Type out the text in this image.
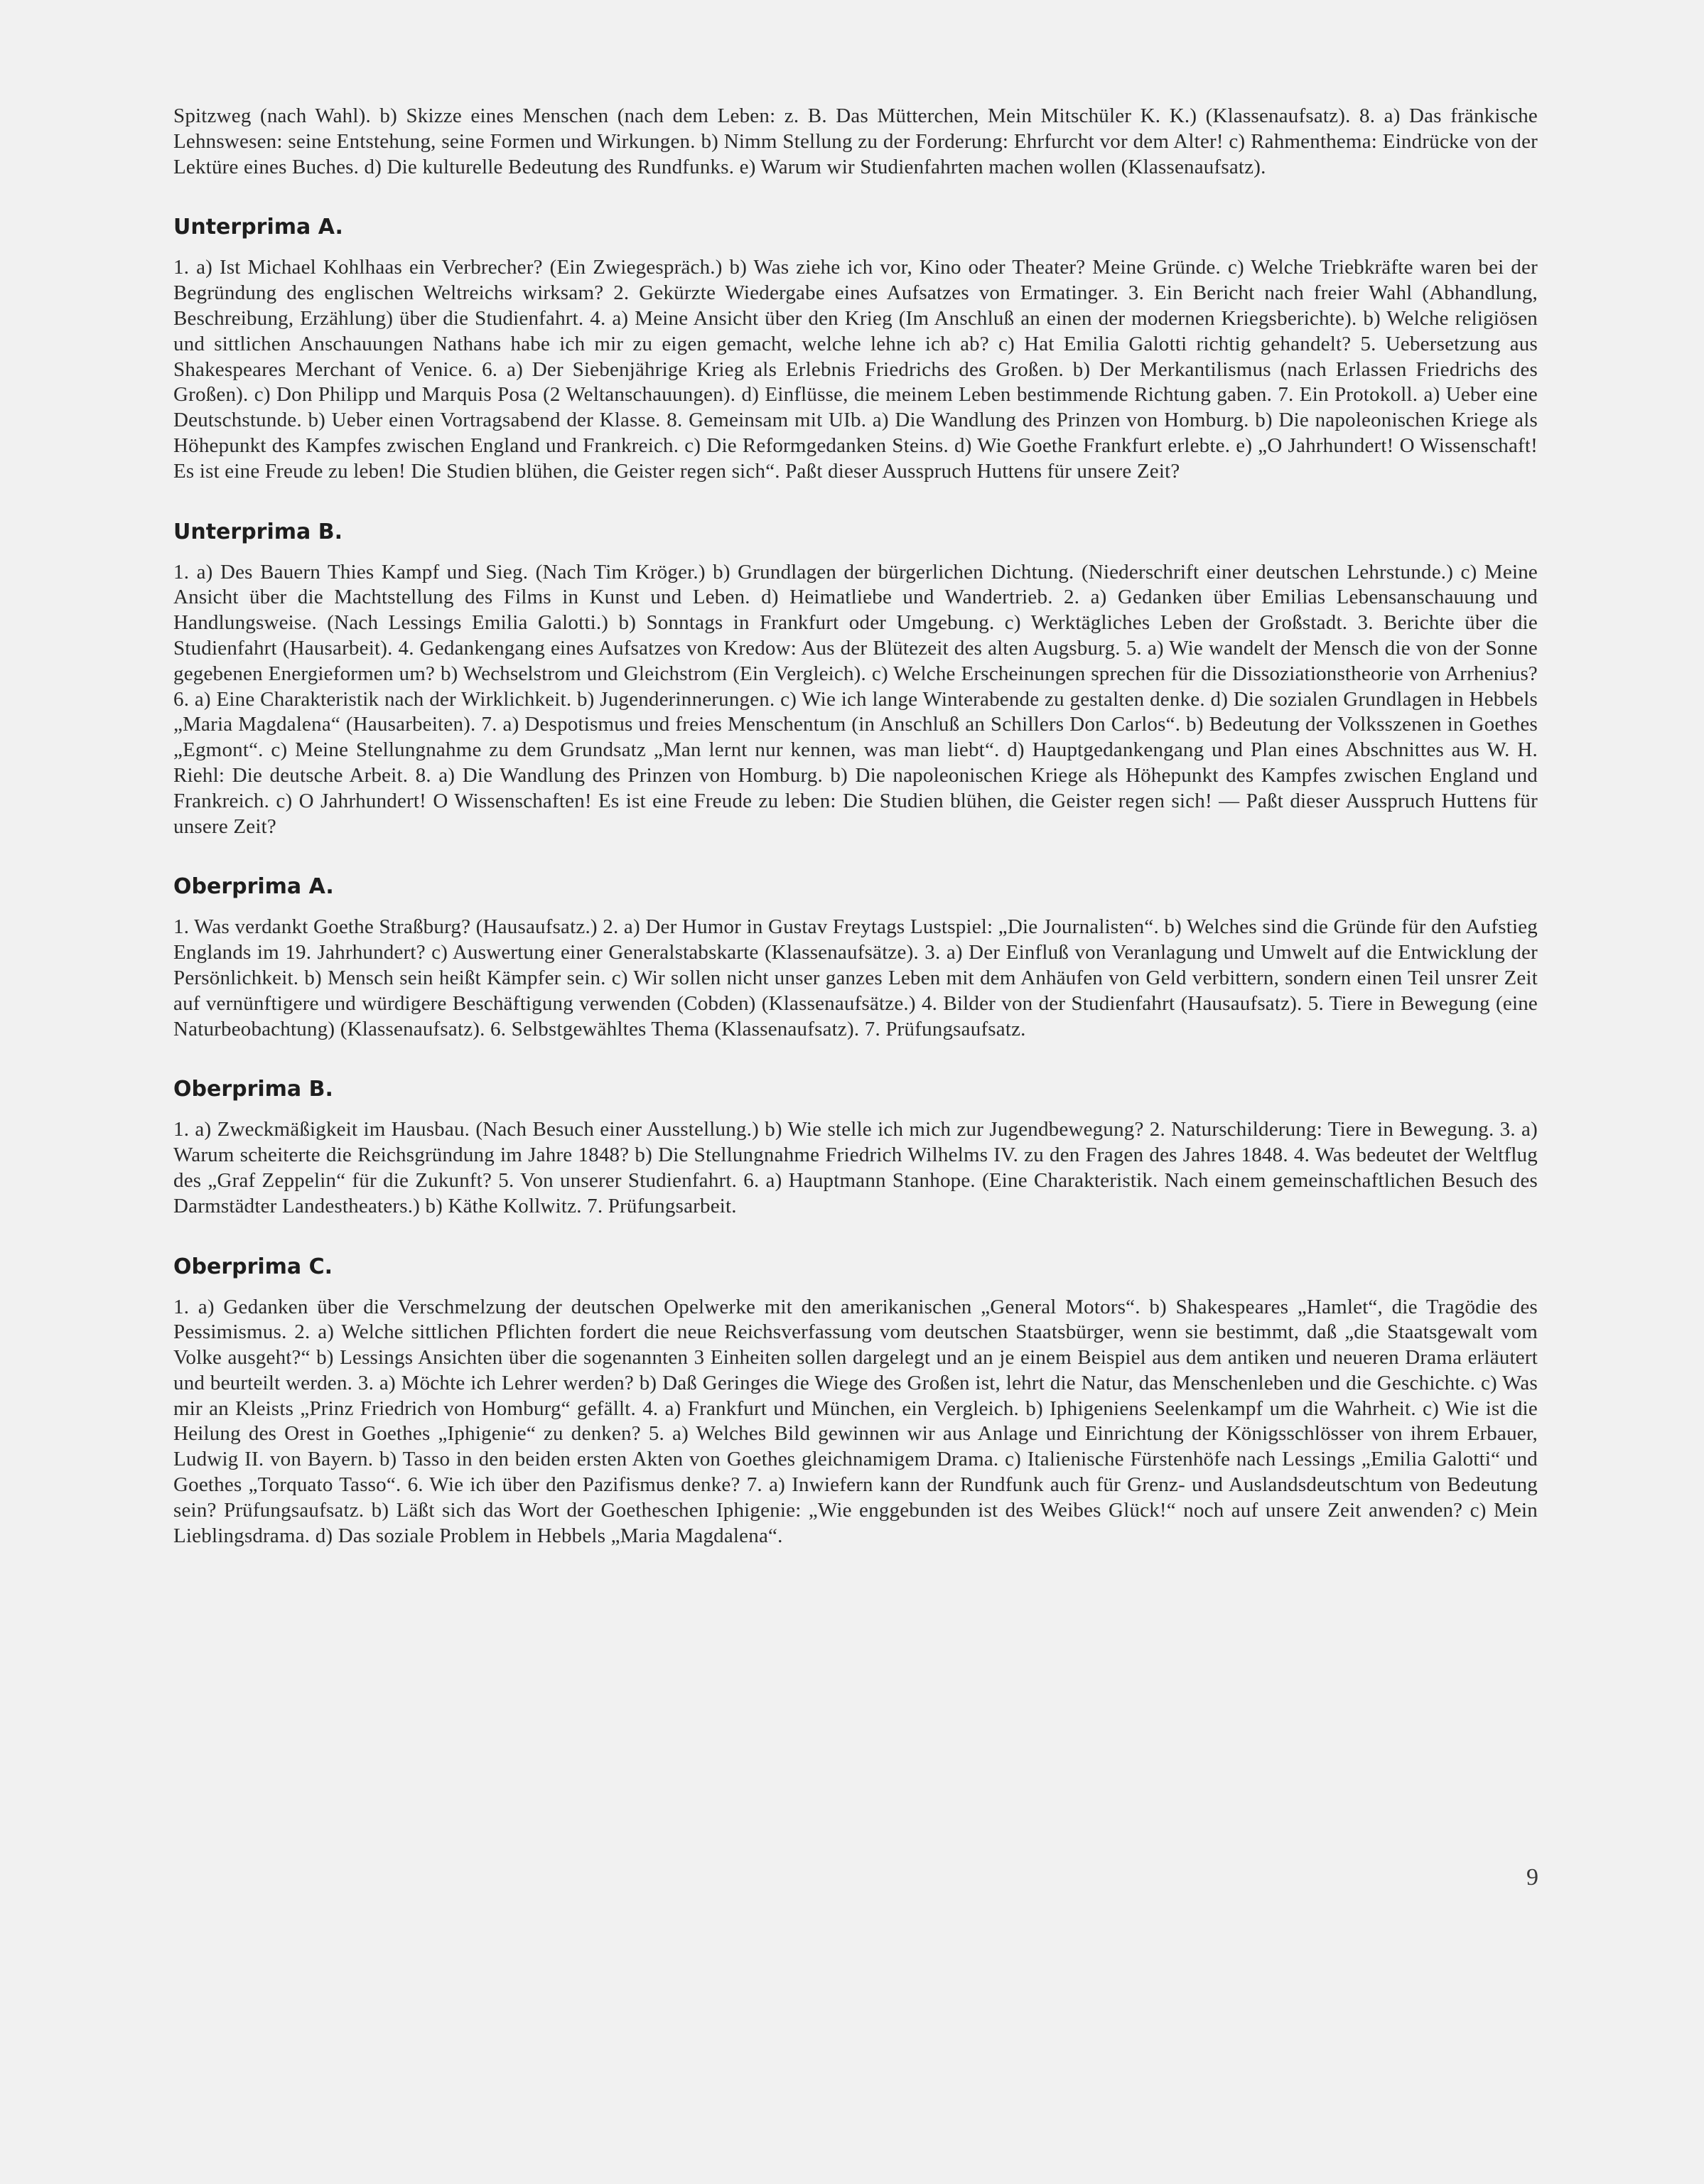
Spitzweg (nach Wahl). b) Skizze eines Menschen (nach dem Leben: z. B. Das Mütterchen, Mein Mitschüler K. K.) (Klassenaufsatz). 8. a) Das fränkische Lehnswesen: seine Entstehung, seine Formen und Wirkungen. b) Nimm Stellung zu der Forderung: Ehrfurcht vor dem Alter! c) Rahmenthema: Eindrücke von der Lektüre eines Buches. d) Die kulturelle Bedeutung des Rundfunks. e) Warum wir Studienfahrten machen wollen (Klassenaufsatz).

Unterprima A.

1. a) Ist Michael Kohlhaas ein Verbrecher? (Ein Zwiegespräch.) b) Was ziehe ich vor, Kino oder Theater? Meine Gründe. c) Welche Triebkräfte waren bei der Begründung des englischen Weltreichs wirksam? 2. Gekürzte Wiedergabe eines Aufsatzes von Ermatinger. 3. Ein Bericht nach freier Wahl (Abhandlung, Beschreibung, Erzählung) über die Studienfahrt. 4. a) Meine Ansicht über den Krieg (Im Anschluß an einen der modernen Kriegsberichte). b) Welche religiösen und sittlichen Anschauungen Nathans habe ich mir zu eigen gemacht, welche lehne ich ab? c) Hat Emilia Galotti richtig gehandelt? 5. Uebersetzung aus Shakespeares Merchant of Venice. 6. a) Der Siebenjährige Krieg als Erlebnis Friedrichs des Großen. b) Der Merkantilismus (nach Erlassen Friedrichs des Großen). c) Don Philipp und Marquis Posa (2 Weltanschauungen). d) Einflüsse, die meinem Leben bestimmende Richtung gaben. 7. Ein Protokoll. a) Ueber eine Deutschstunde. b) Ueber einen Vortragsabend der Klasse. 8. Gemeinsam mit UIb. a) Die Wandlung des Prinzen von Homburg. b) Die napoleonischen Kriege als Höhepunkt des Kampfes zwischen England und Frankreich. c) Die Reformgedanken Steins. d) Wie Goethe Frankfurt erlebte. e) „O Jahrhundert! O Wissenschaft! Es ist eine Freude zu leben! Die Studien blühen, die Geister regen sich“. Paßt dieser Ausspruch Huttens für unsere Zeit?

Unterprima B.

1. a) Des Bauern Thies Kampf und Sieg. (Nach Tim Kröger.) b) Grundlagen der bürgerlichen Dichtung. (Niederschrift einer deutschen Lehrstunde.) c) Meine Ansicht über die Machtstellung des Films in Kunst und Leben. d) Heimatliebe und Wandertrieb. 2. a) Gedanken über Emilias Lebensanschauung und Handlungsweise. (Nach Lessings Emilia Galotti.) b) Sonntags in Frankfurt oder Umgebung. c) Werktägliches Leben der Großstadt. 3. Berichte über die Studienfahrt (Hausarbeit). 4. Gedankengang eines Aufsatzes von Kredow: Aus der Blütezeit des alten Augsburg. 5. a) Wie wandelt der Mensch die von der Sonne gegebenen Energieformen um? b) Wechselstrom und Gleichstrom (Ein Vergleich). c) Welche Erscheinungen sprechen für die Dissoziationstheorie von Arrhenius? 6. a) Eine Charakteristik nach der Wirklichkeit. b) Jugenderinnerungen. c) Wie ich lange Winterabende zu gestalten denke. d) Die sozialen Grundlagen in Hebbels „Maria Magdalena“ (Hausarbeiten). 7. a) Despotismus und freies Menschentum (in Anschluß an Schillers Don Carlos“. b) Bedeutung der Volksszenen in Goethes „Egmont“. c) Meine Stellungnahme zu dem Grundsatz „Man lernt nur kennen, was man liebt“. d) Hauptgedankengang und Plan eines Abschnittes aus W. H. Riehl: Die deutsche Arbeit. 8. a) Die Wandlung des Prinzen von Homburg. b) Die napoleonischen Kriege als Höhepunkt des Kampfes zwischen England und Frankreich. c) O Jahrhundert! O Wissenschaften! Es ist eine Freude zu leben: Die Studien blühen, die Geister regen sich! — Paßt dieser Ausspruch Huttens für unsere Zeit?

Oberprima A.

1. Was verdankt Goethe Straßburg? (Hausaufsatz.) 2. a) Der Humor in Gustav Freytags Lustspiel: „Die Journalisten“. b) Welches sind die Gründe für den Aufstieg Englands im 19. Jahrhundert? c) Auswertung einer Generalstabskarte (Klassenaufsätze). 3. a) Der Einfluß von Veranlagung und Umwelt auf die Entwicklung der Persönlichkeit. b) Mensch sein heißt Kämpfer sein. c) Wir sollen nicht unser ganzes Leben mit dem Anhäufen von Geld verbittern, sondern einen Teil unsrer Zeit auf vernünftigere und würdigere Beschäftigung verwenden (Cobden) (Klassenaufsätze.) 4. Bilder von der Studienfahrt (Hausaufsatz). 5. Tiere in Bewegung (eine Naturbeobachtung) (Klassenaufsatz). 6. Selbstgewähltes Thema (Klassenaufsatz). 7. Prüfungsaufsatz.

Oberprima B.

1. a) Zweckmäßigkeit im Hausbau. (Nach Besuch einer Ausstellung.) b) Wie stelle ich mich zur Jugendbewegung? 2. Naturschilderung: Tiere in Bewegung. 3. a) Warum scheiterte die Reichsgründung im Jahre 1848? b) Die Stellungnahme Friedrich Wilhelms IV. zu den Fragen des Jahres 1848. 4. Was bedeutet der Weltflug des „Graf Zeppelin“ für die Zukunft? 5. Von unserer Studienfahrt. 6. a) Hauptmann Stanhope. (Eine Charakteristik. Nach einem gemeinschaftlichen Besuch des Darmstädter Landestheaters.) b) Käthe Kollwitz. 7. Prüfungsarbeit.

Oberprima C.

1. a) Gedanken über die Verschmelzung der deutschen Opelwerke mit den amerikanischen „General Motors“. b) Shakespeares „Hamlet“, die Tragödie des Pessimismus. 2. a) Welche sittlichen Pflichten fordert die neue Reichsverfassung vom deutschen Staatsbürger, wenn sie bestimmt, daß „die Staatsgewalt vom Volke ausgeht?“ b) Lessings Ansichten über die sogenannten 3 Einheiten sollen dargelegt und an je einem Beispiel aus dem antiken und neueren Drama erläutert und beurteilt werden. 3. a) Möchte ich Lehrer werden? b) Daß Geringes die Wiege des Großen ist, lehrt die Natur, das Menschenleben und die Geschichte. c) Was mir an Kleists „Prinz Friedrich von Homburg“ gefällt. 4. a) Frankfurt und München, ein Vergleich. b) Iphigeniens Seelenkampf um die Wahrheit. c) Wie ist die Heilung des Orest in Goethes „Iphigenie“ zu denken? 5. a) Welches Bild gewinnen wir aus Anlage und Einrichtung der Königsschlösser von ihrem Erbauer, Ludwig II. von Bayern. b) Tasso in den beiden ersten Akten von Goethes gleichnamigem Drama. c) Italienische Fürstenhöfe nach Lessings „Emilia Galotti“ und Goethes „Torquato Tasso“. 6. Wie ich über den Pazifismus denke? 7. a) Inwiefern kann der Rundfunk auch für Grenz- und Auslandsdeutschtum von Bedeutung sein? Prüfungsaufsatz. b) Läßt sich das Wort der Goetheschen Iphigenie: „Wie enggebunden ist des Weibes Glück!“ noch auf unsere Zeit anwenden? c) Mein Lieblingsdrama. d) Das soziale Problem in Hebbels „Maria Magdalena“.

9
